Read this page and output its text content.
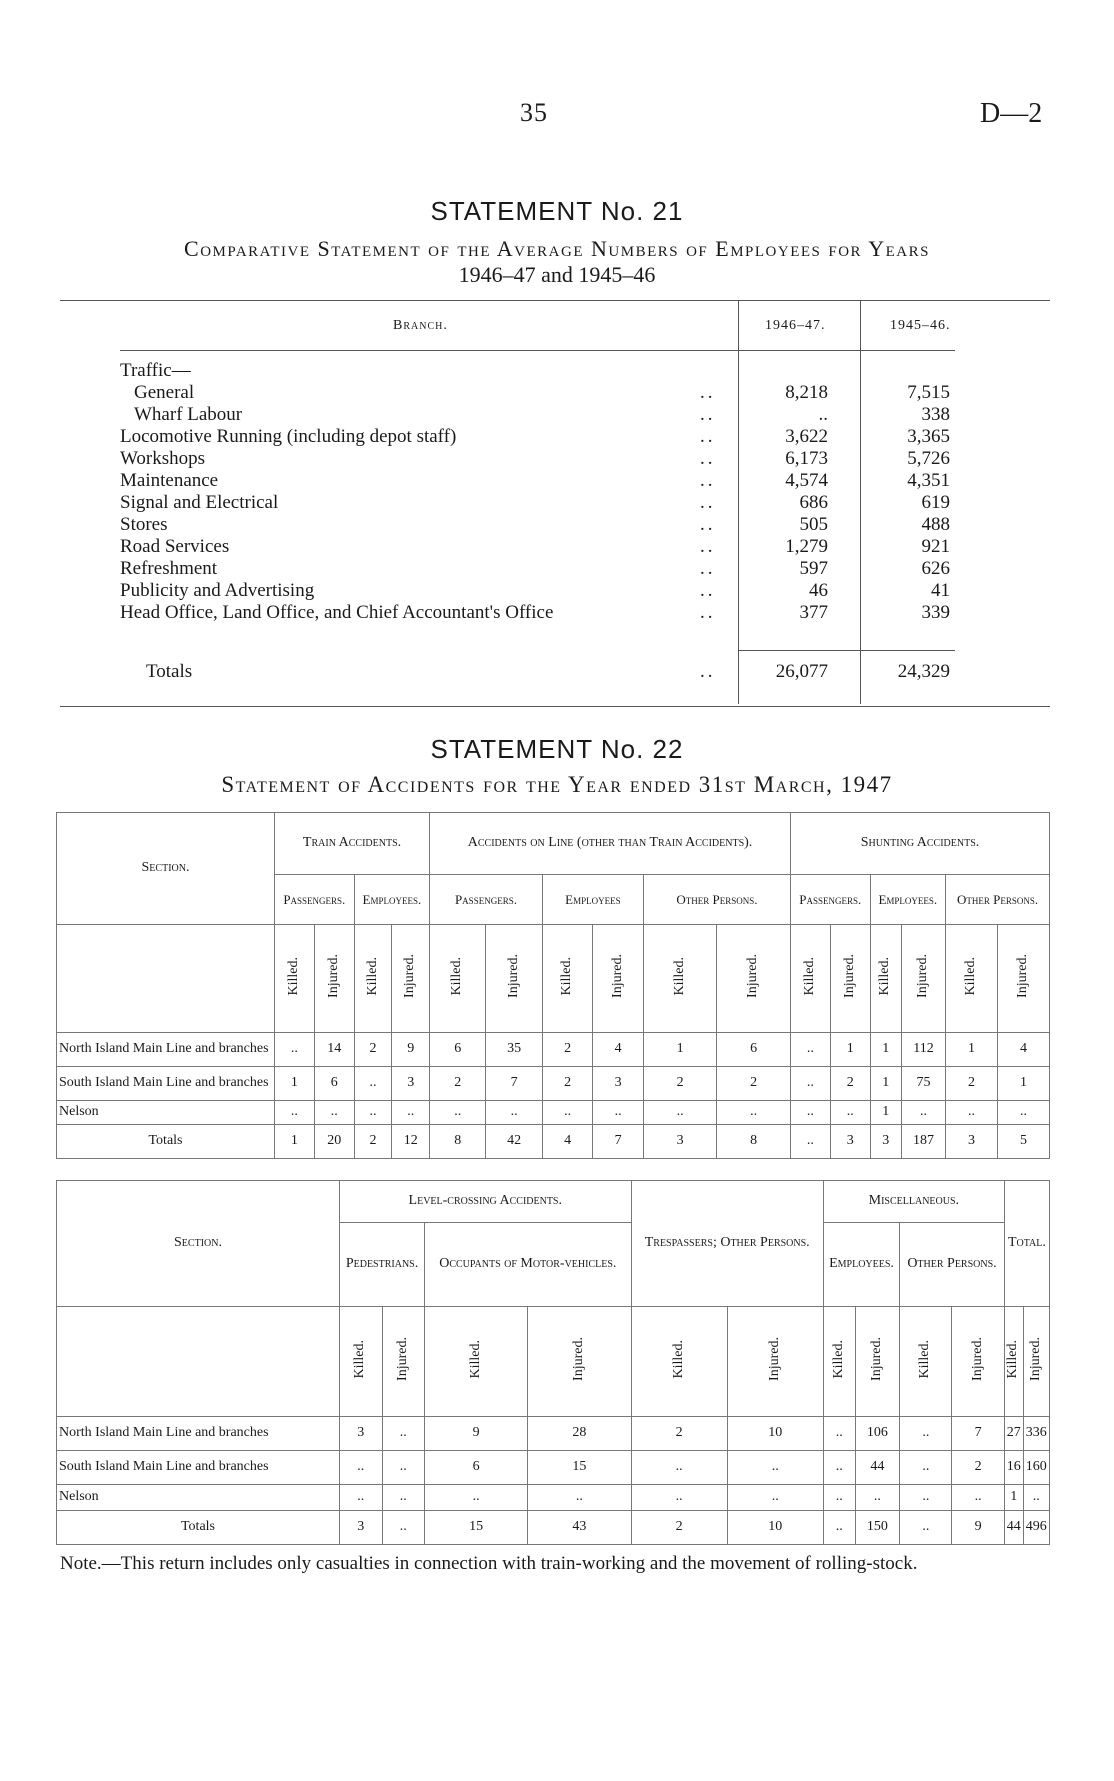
35	D—2
STATEMENT No. 21
Comparative Statement of the Average Numbers of Employees for Years
1946–47 and 1945–46
Branch.	1946–47.	1945–46.
Traffic—
General	..	8,218	7,515
Wharf Labour	..	..	338
Locomotive Running (including depot staff)	..	3,622	3,365
Workshops	..	6,173	5,726
Maintenance	..	4,574	4,351
Signal and Electrical	..	686	619
Stores	..	505	488
Road Services	..	1,279	921
Refreshment	..	597	626
Publicity and Advertising	..	46	41
Head Office, Land Office, and Chief Accountant's Office	..	377	339
Totals	..	26,077	24,329
STATEMENT No. 22
Statement of Accidents for the Year ended 31st March, 1947
Section.	Train Accidents.				Accidents on Line (other than Train Accidents).						Shunting Accidents.					
	Passengers.		Employees.		Passengers.		Employees		Other Persons.		Passengers.		Employees.		Other Persons.	
	Killed.	Injured.	Killed.	Injured.	Killed.	Injured.	Killed.	Injured.	Killed.	Injured.	Killed.	Injured.	Killed.	Injured.	Killed.	Injured.
North Island Main Line and branches	..	14	2	9	6	35	2	4	1	6	..	1	1	112	1	4
South Island Main Line and branches	1	6	..	3	2	7	2	3	2	2	..	2	1	75	2	1
Nelson	..	..	..	..	..	..	..	..	..	..	..	..	1	..	..	..
Totals	1	20	2	12	8	42	4	7	3	8	..	3	3	187	3	5
Section.	Level-crossing Accidents.				Trespassers; Other Persons.		Miscellaneous.				Total.	
	Pedestrians.		Occupants of Motor-vehicles.				Employees.		Other Persons.			
	Killed.	Injured.	Killed.	Injured.	Killed.	Injured.	Killed.	Injured.	Killed.	Injured.	Killed.	Injured.
North Island Main Line and branches	3	..	9	28	2	10	..	106	..	7	27	336
South Island Main Line and branches	..	..	6	15	..	..	..	44	..	2	16	160
Nelson	..	..	..	..	..	..	..	..	..	..	1	..
Totals	3	..	15	43	2	10	..	150	..	9	44	496
Note.—This return includes only casualties in connection with train-working and the movement of rolling-stock.
